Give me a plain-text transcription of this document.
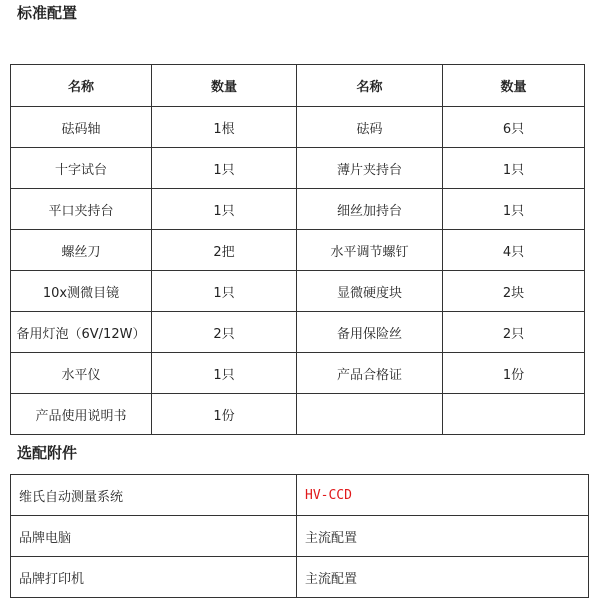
标准配置
名称	数量	名称	数量
砝码轴	1根	砝码	6只
十字试台	1只	薄片夹持台	1只
平口夹持台	1只	细丝加持台	1只
螺丝刀	2把	水平调节螺钉	4只
10x测微目镜	1只	显微硬度块	2块
备用灯泡（6V/12W）	2只	备用保险丝	2只
水平仪	1只	产品合格证	1份
产品使用说明书	1份		
选配附件
维氏自动测量系统	HV-CCD
品牌电脑	主流配置
品牌打印机	主流配置
